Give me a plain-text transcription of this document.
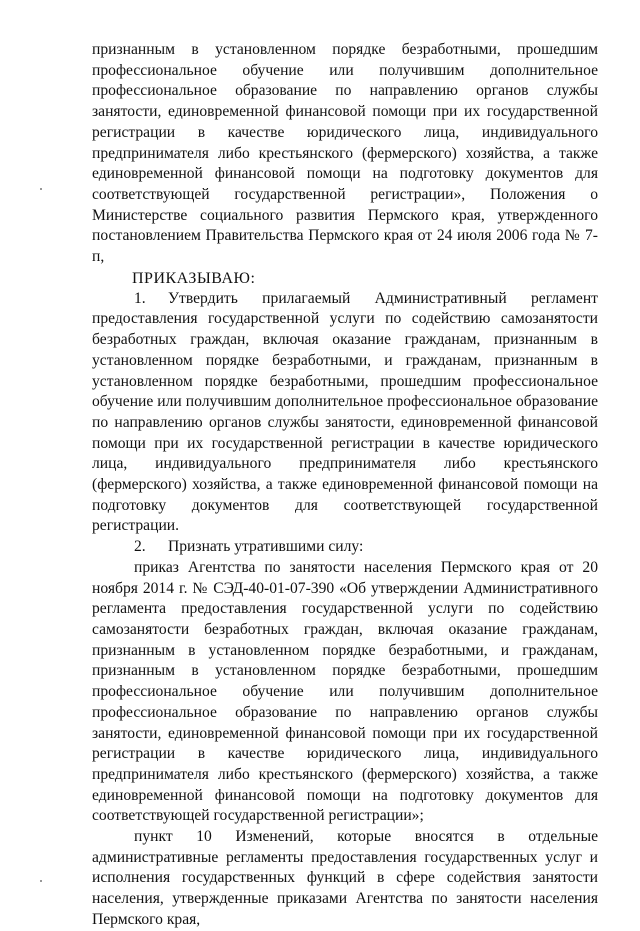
признанным в установленном порядке безработными, прошедшим профессиональное обучение или получившим дополнительное профессиональное образование по направлению органов службы занятости, единовременной финансовой помощи при их государственной регистрации в качестве юридического лица, индивидуального предпринимателя либо крестьянского (фермерского) хозяйства, а также единовременной финансовой помощи на подготовку документов для соответствующей государственной регистрации», Положения о Министерстве социального развития Пермского края, утвержденного постановлением Правительства Пермского края от 24 июля 2006 года № 7-п,

ПРИКАЗЫВАЮ:

1. Утвердить прилагаемый Административный регламент предоставления государственной услуги по содействию самозанятости безработных граждан, включая оказание гражданам, признанным в установленном порядке безработными, и гражданам, признанным в установленном порядке безработными, прошедшим профессиональное обучение или получившим дополнительное профессиональное образование по направлению органов службы занятости, единовременной финансовой помощи при их государственной регистрации в качестве юридического лица, индивидуального предпринимателя либо крестьянского (фермерского) хозяйства, а также единовременной финансовой помощи на подготовку документов для соответствующей государственной регистрации.

2. Признать утратившими силу:

приказ Агентства по занятости населения Пермского края от 20 ноября 2014 г. № СЭД-40-01-07-390 «Об утверждении Административного регламента предоставления государственной услуги по содействию самозанятости безработных граждан, включая оказание гражданам, признанным в установленном порядке безработными, и гражданам, признанным в установленном порядке безработными, прошедшим профессиональное обучение или получившим дополнительное профессиональное образование по направлению органов службы занятости, единовременной финансовой помощи при их государственной регистрации в качестве юридического лица, индивидуального предпринимателя либо крестьянского (фермерского) хозяйства, а также единовременной финансовой помощи на подготовку документов для соответствующей государственной регистрации»;

пункт 10 Изменений, которые вносятся в отдельные административные регламенты предоставления государственных услуг и исполнения государственных функций в сфере содействия занятости населения, утвержденные приказами Агентства по занятости населения Пермского края,
